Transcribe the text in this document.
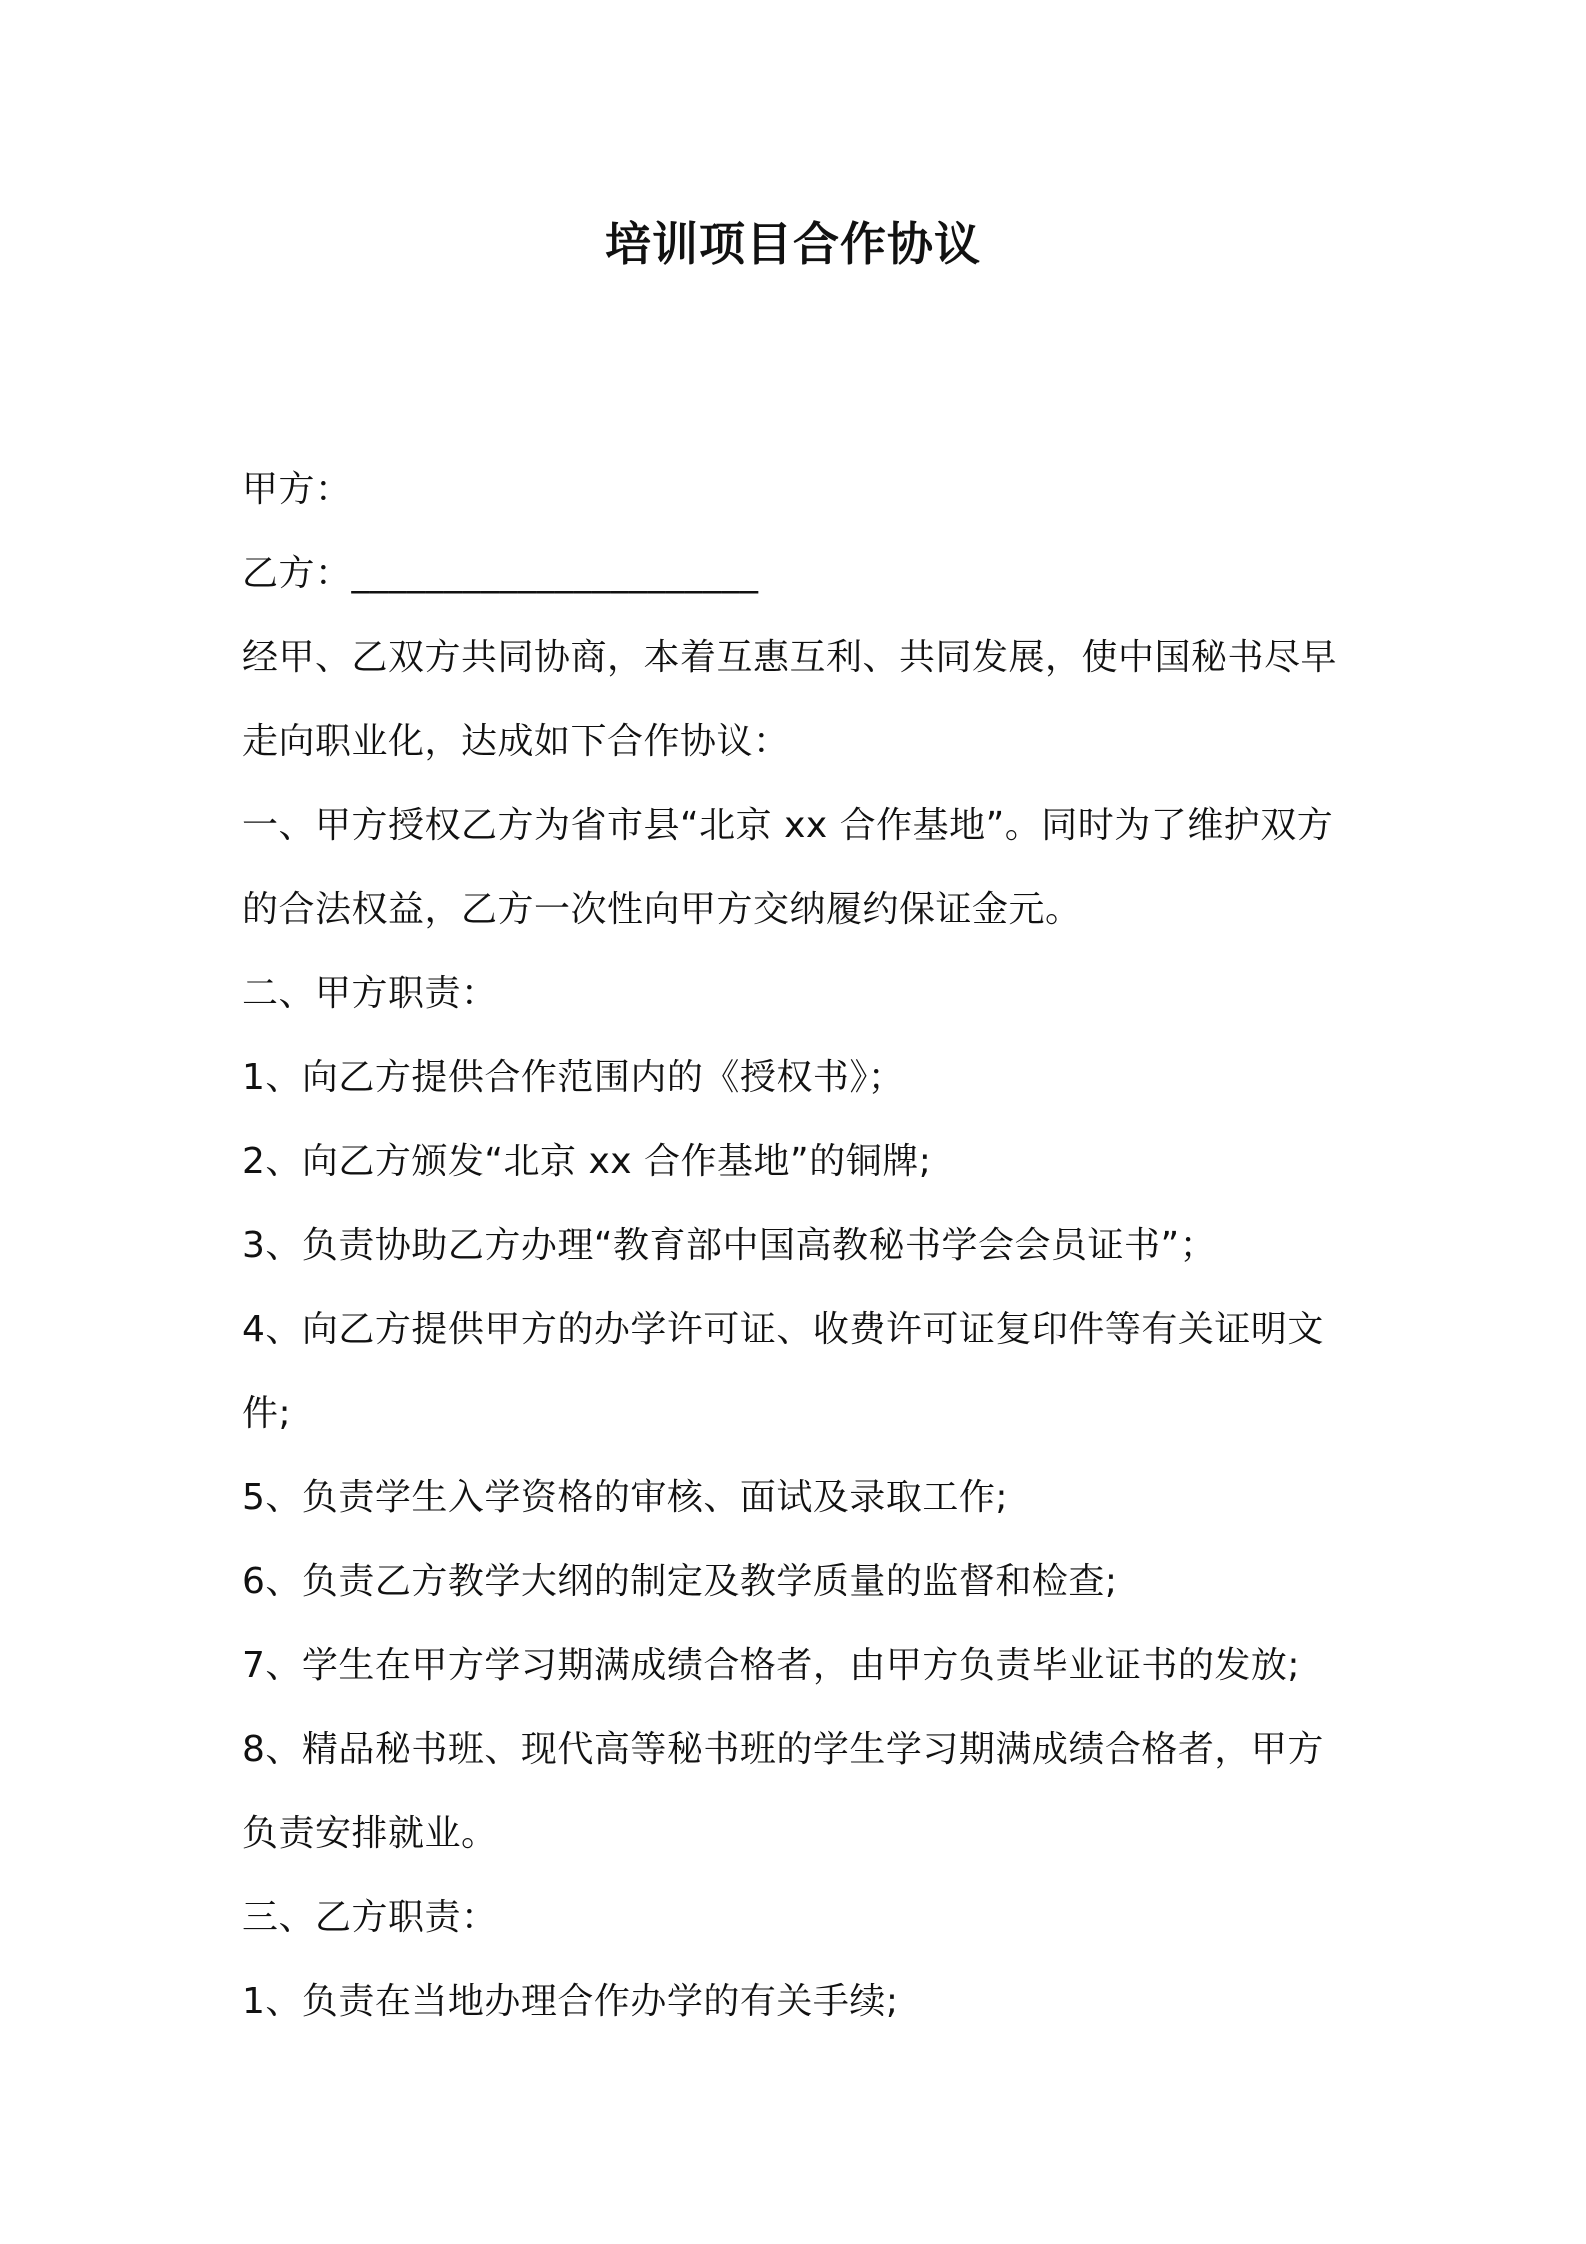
培训项目合作协议
甲方：
乙方：______________________
经甲、乙双方共同协商，本着互惠互利、共同发展，使中国秘书尽早
走向职业化，达成如下合作协议：
一、甲方授权乙方为省市县“北京 xx 合作基地”。同时为了维护双方
的合法权益，乙方一次性向甲方交纳履约保证金元。
二、甲方职责：
1、向乙方提供合作范围内的《授权书》；
2、向乙方颁发“北京 xx 合作基地”的铜牌;
3、负责协助乙方办理“教育部中国高教秘书学会会员证书”；
4、向乙方提供甲方的办学许可证、收费许可证复印件等有关证明文
件;
5、负责学生入学资格的审核、面试及录取工作;
6、负责乙方教学大纲的制定及教学质量的监督和检查;
7、学生在甲方学习期满成绩合格者，由甲方负责毕业证书的发放;
8、精品秘书班、现代高等秘书班的学生学习期满成绩合格者，甲方
负责安排就业。
三、乙方职责：
1、负责在当地办理合作办学的有关手续;
